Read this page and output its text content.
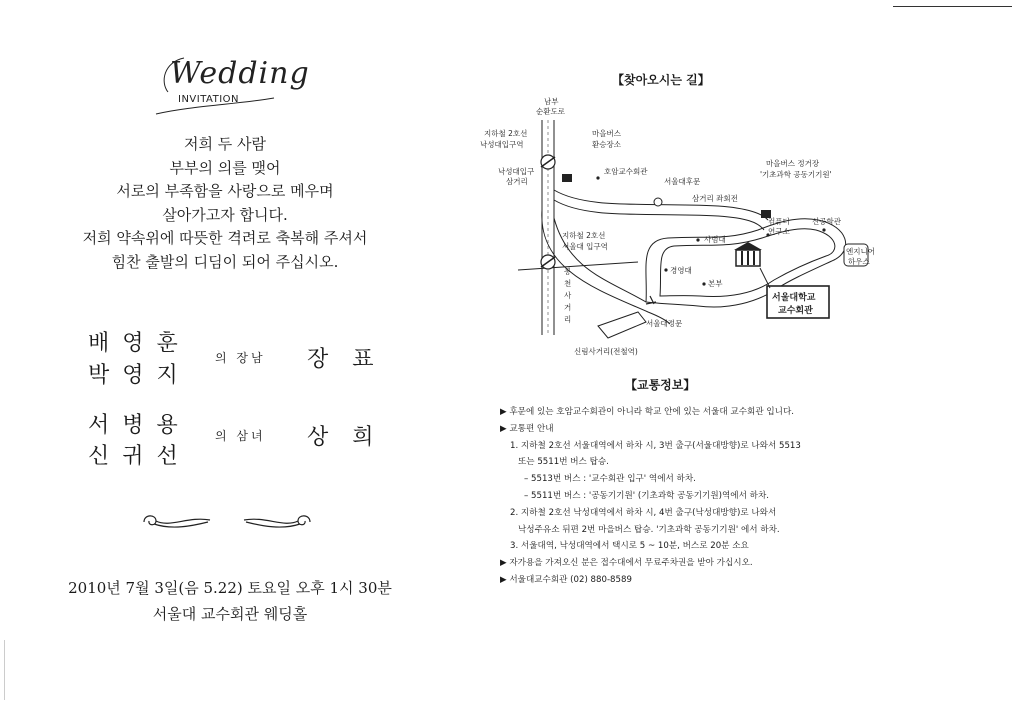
Wedding
INVITATION
저희 두 사람
부부의 의를 맺어
서로의 부족함을 사랑으로 메우며
살아가고자 합니다.
저희 약속위에 따뜻한 격려로 축복해 주셔서
힘찬 출발의 디딤이 되어 주십시오.
배영훈
박영지
의 장남 장표
서병용
신귀선
의 삼녀 상희
2010년 7월 3일(음 5.22) 토요일 오후 1시 30분
서울대 교수회관 웨딩홀
【찾아오시는 길】
남부
순환도로
지하철 2호선
낙성대입구역
마을버스
환승장소
낙성대입구
삼거리
호암교수회관
서울대후문
삼거리 좌회전
마을버스 정거장
'기초과학 공동기기원'
컴퓨터
연구소
신공학관
지하철 2호선
서울대 입구역
사범대
엔지니어
하우스
경영대
본부
봉
천
사
거
리	서울대정문
신림사거리(전철역)
서울대학교
교수회관
【교통정보】
▶ 후문에 있는 호암교수회관이 아니라 학교 안에 있는 서울대 교수회관 입니다.
▶ 교통편 안내
1. 지하철 2호선 서울대역에서 하차 시, 3번 출구(서울대방향)로 나와서 5513
또는 5511번 버스 탑승.
– 5513번 버스 : '교수회관 입구' 역에서 하차.
– 5511번 버스 : '공동기기원' (기초과학 공동기기원)역에서 하차.
2. 지하철 2호선 낙성대역에서 하차 시, 4번 출구(낙성대방향)로 나와서
낙성주유소 뒤편 2번 마을버스 탑승. '기초과학 공동기기원' 에서 하차.
3. 서울대역, 낙성대역에서 택시로 5 ~ 10분, 버스로 20분 소요
▶ 자가용을 가져오신 분은 접수대에서 무료주차권을 받아 가십시오.
▶ 서울대교수회관 (02) 880-8589
